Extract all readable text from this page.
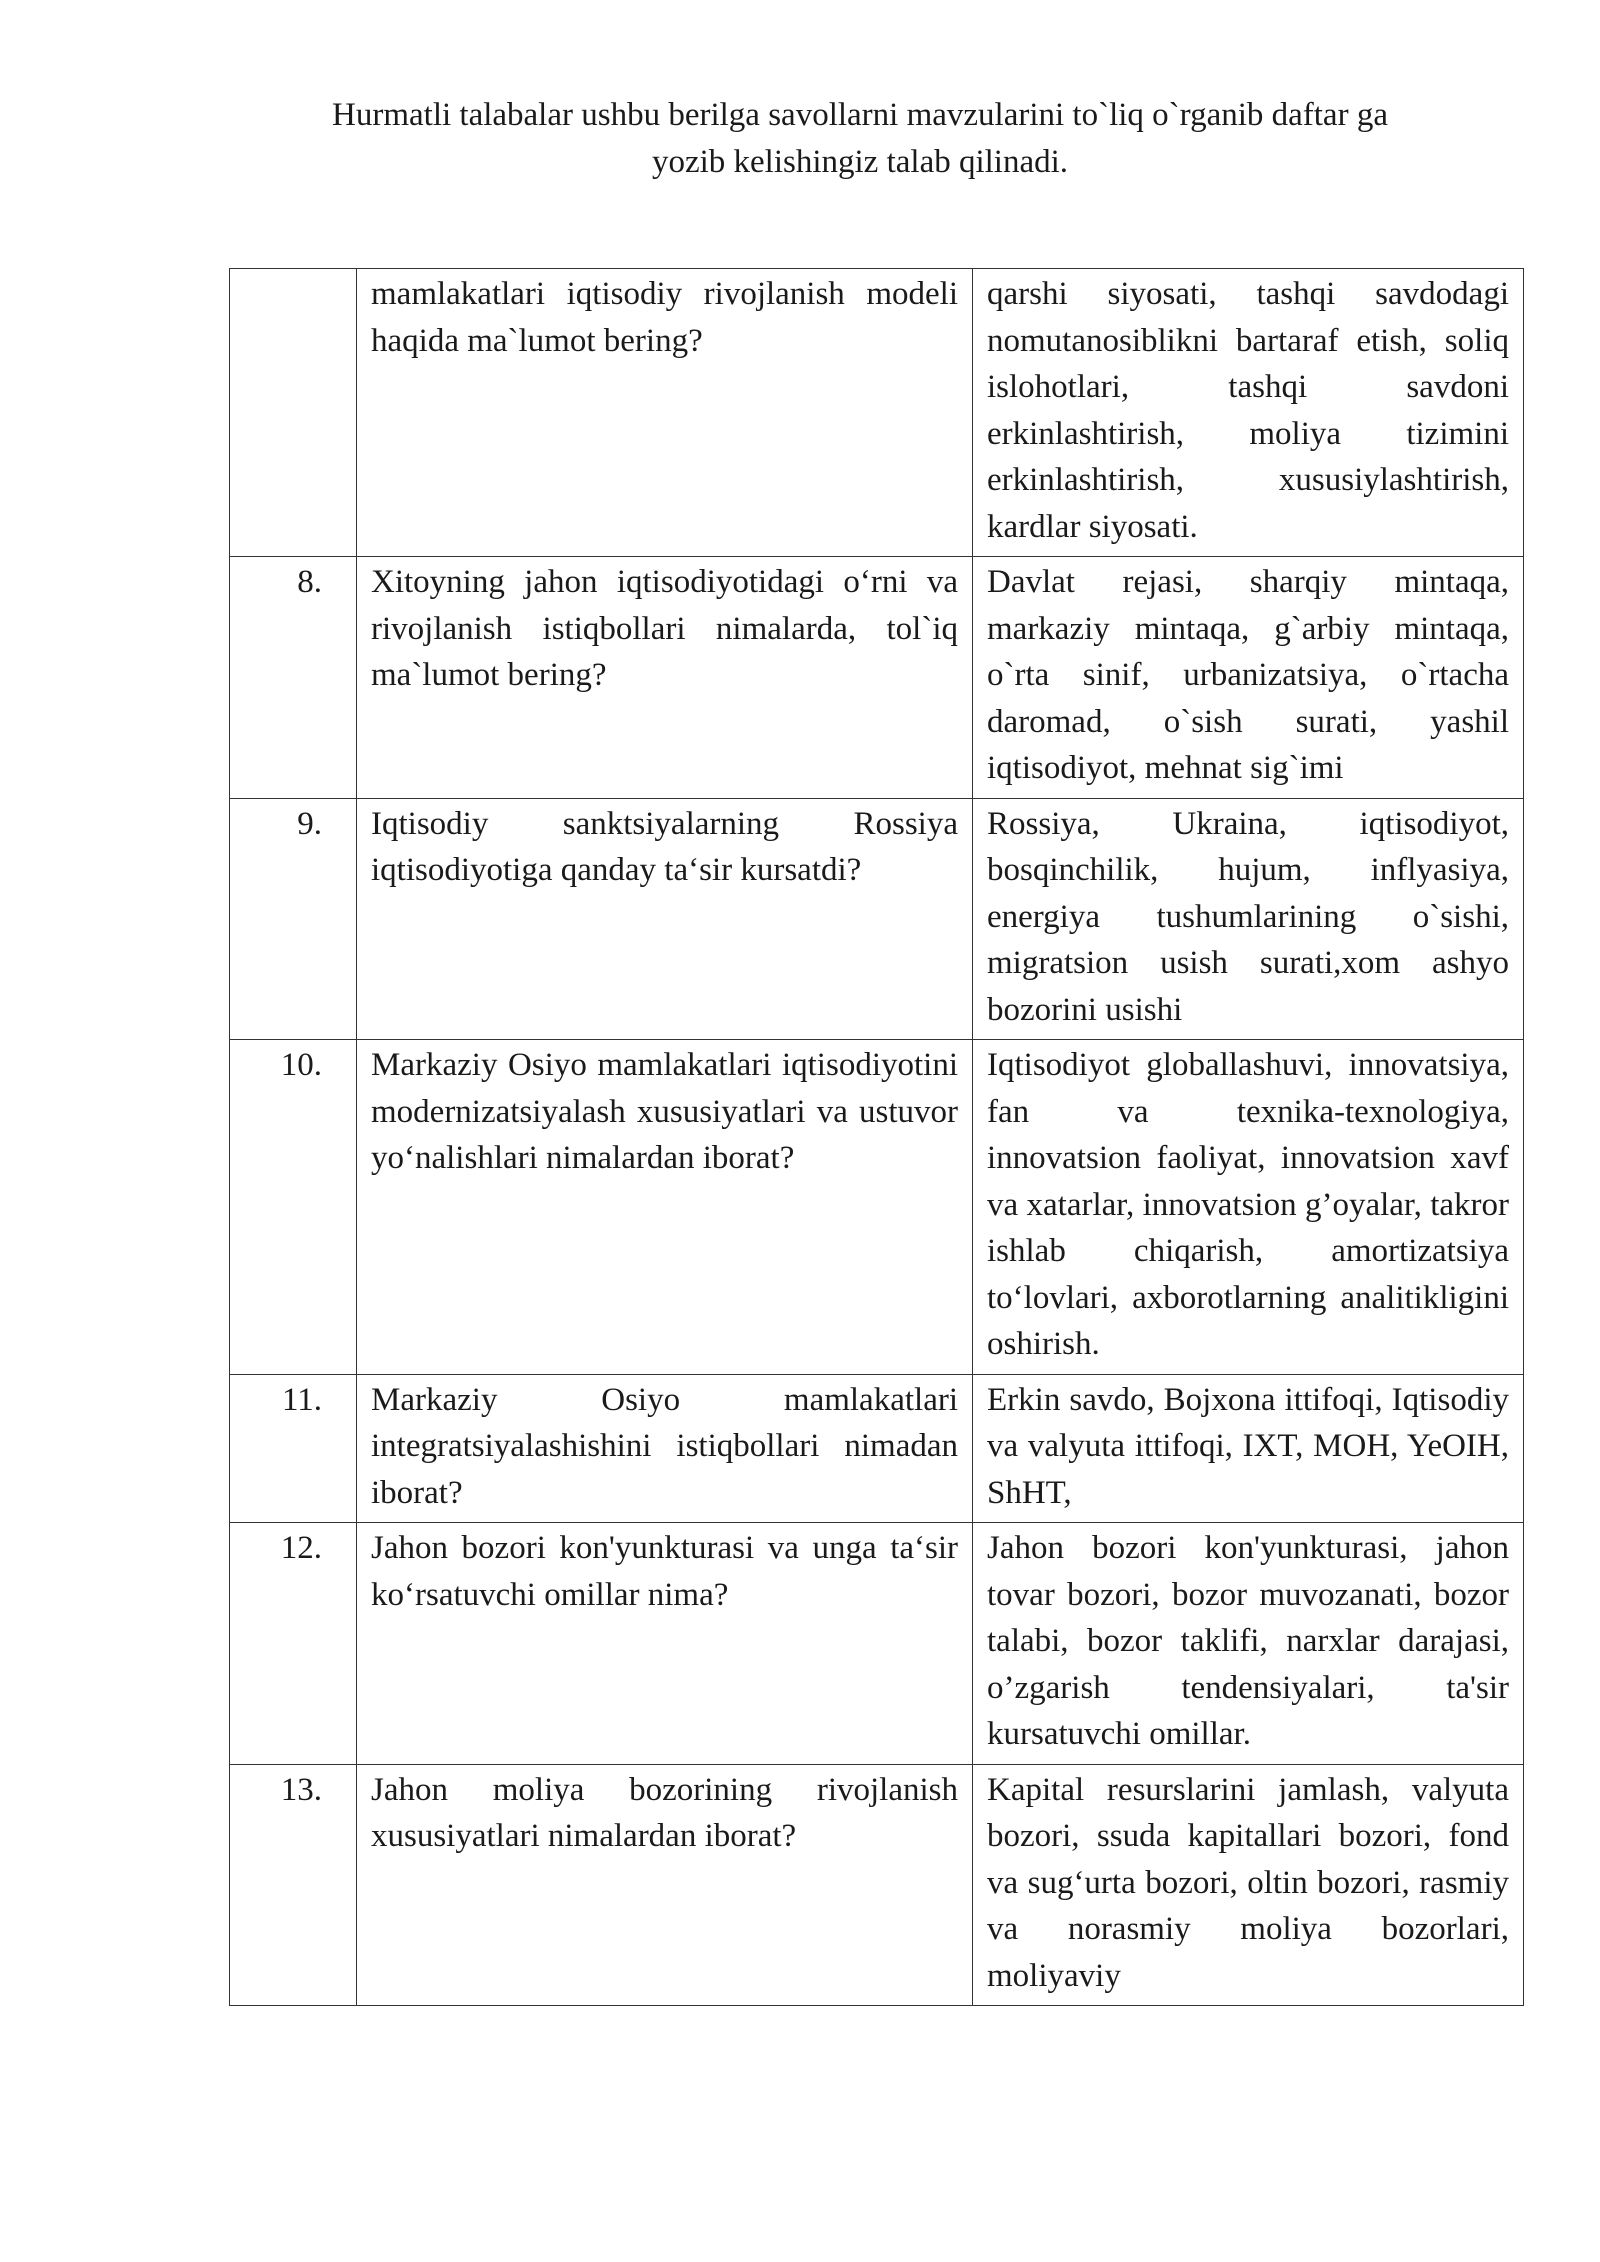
Hurmatli talabalar ushbu berilga savollarni mavzularini to`liq o`rganib daftar ga

yozib kelishingiz talab qilinadi.

	mamlakatlari iqtisodiy rivojlanish modeli haqida ma`lumot bering?	qarshi siyosati, tashqi savdodagi nomutanosiblikni bartaraf etish, soliq islohotlari, tashqi savdoni erkinlashtirish, moliya tizimini erkinlashtirish, xususiylashtirish, kardlar siyosati.
8.	Xitoyning jahon iqtisodiyotidagi o‘rni va rivojlanish istiqbollari nimalarda, tol`iq ma`lumot bering?	Davlat rejasi, sharqiy mintaqa, markaziy mintaqa, g`arbiy mintaqa, o`rta sinif, urbanizatsiya, o`rtacha daromad, o`sish surati, yashil iqtisodiyot, mehnat sig`imi
9.	Iqtisodiy sanktsiyalarning Rossiya iqtisodiyotiga qanday ta‘sir kursatdi?	Rossiya, Ukraina, iqtisodiyot, bosqinchilik, hujum, inflyasiya, energiya tushumlarining o`sishi, migratsion usish surati,xom ashyo bozorini usishi
10.	Markaziy Osiyo mamlakatlari iqtisodiyotini modernizatsiyalash xususiyatlari va ustuvor yo‘nalishlari nimalardan iborat?	Iqtisodiyot globallashuvi, innovatsiya, fan va texnika-texnologiya, innovatsion faoliyat, innovatsion xavf va xatarlar, innovatsion g’oyalar, takror ishlab chiqarish, amortizatsiya to‘lovlari, axborotlarning analitikligini oshirish.
11.	Markaziy Osiyo mamlakatlari integratsiyalashishini istiqbollari nimadan iborat?	Erkin savdo, Bojxona ittifoqi, Iqtisodiy va valyuta ittifoqi, IXT, MOH, YeOIH, ShHT,
12.	Jahon bozori kon'yunkturasi va unga ta‘sir ko‘rsatuvchi omillar nima?	Jahon bozori kon'yunkturasi, jahon tovar bozori, bozor muvozanati, bozor talabi, bozor taklifi, narxlar darajasi, o’zgarish tendensiyalari, ta'sir kursatuvchi omillar.
13.	Jahon moliya bozorining rivojlanish xususiyatlari nimalardan iborat?	Kapital resurslarini jamlash, valyuta bozori, ssuda kapitallari bozori, fond va sug‘urta bozori, oltin bozori, rasmiy va norasmiy moliya bozorlari, moliyaviy
